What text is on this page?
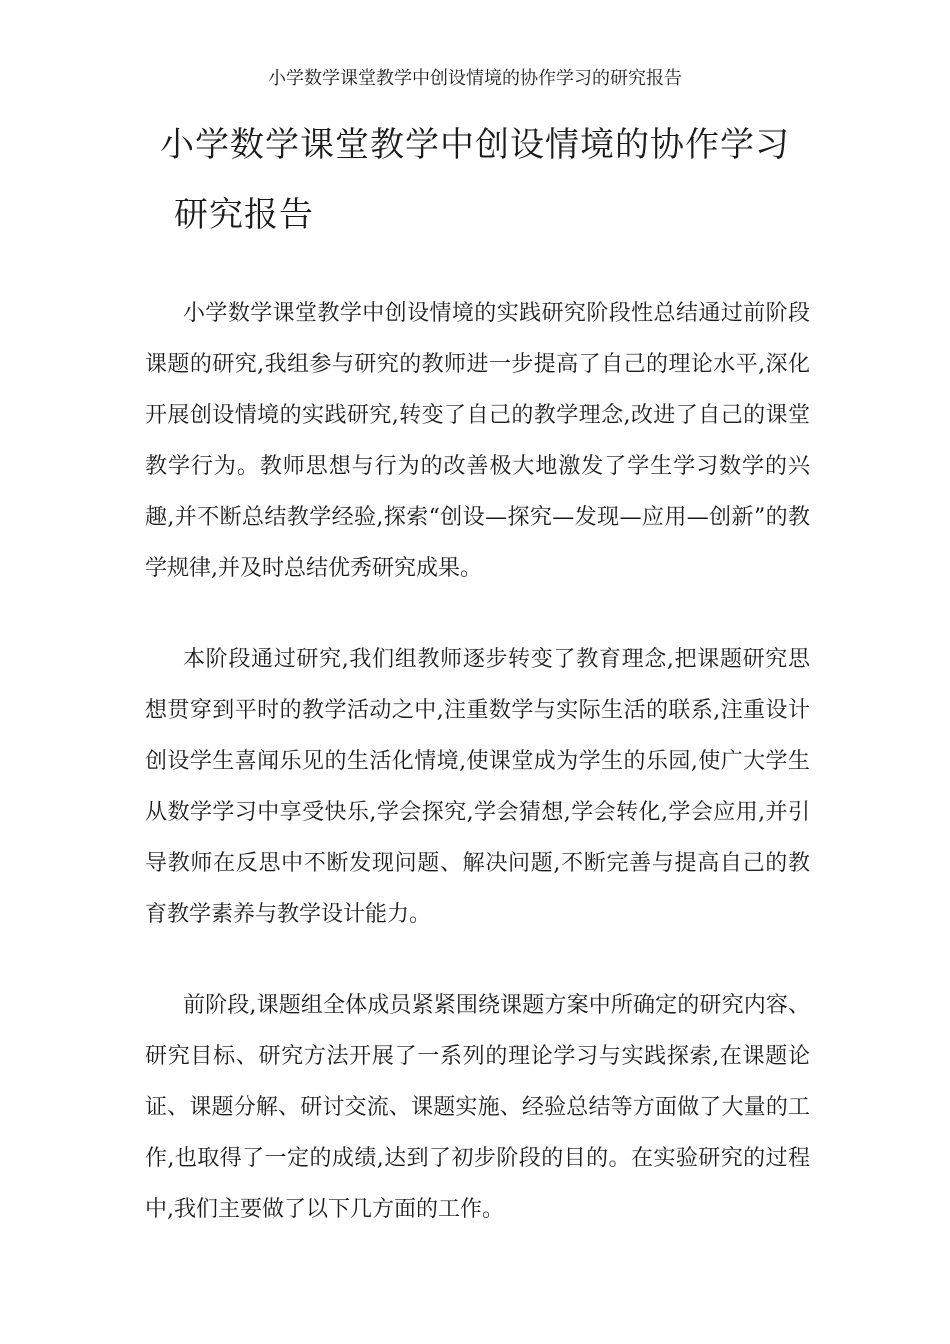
小学数学课堂教学中创设情境的协作学习的研究报告
小学数学课堂教学中创设情境的协作学习
研究报告

小学数学课堂教学中创设情境的实践研究阶段性总结通过前阶段课题的研究,我组参与研究的教师进一步提高了自己的理论水平,深化开展创设情境的实践研究,转变了自己的教学理念,改进了自己的课堂教学行为。教师思想与行为的改善极大地激发了学生学习数学的兴趣,并不断总结教学经验,探索“创设—探究—发现—应用—创新”的教学规律,并及时总结优秀研究成果。

本阶段通过研究,我们组教师逐步转变了教育理念,把课题研究思想贯穿到平时的教学活动之中,注重数学与实际生活的联系,注重设计创设学生喜闻乐见的生活化情境,使课堂成为学生的乐园,使广大学生从数学学习中享受快乐,学会探究,学会猜想,学会转化,学会应用,并引导教师在反思中不断发现问题、解决问题,不断完善与提高自己的教育教学素养与教学设计能力。

前阶段,课题组全体成员紧紧围绕课题方案中所确定的研究内容、研究目标、研究方法开展了一系列的理论学习与实践探索,在课题论证、课题分解、研讨交流、课题实施、经验总结等方面做了大量的工作,也取得了一定的成绩,达到了初步阶段的目的。在实验研究的过程中,我们主要做了以下几方面的工作。
